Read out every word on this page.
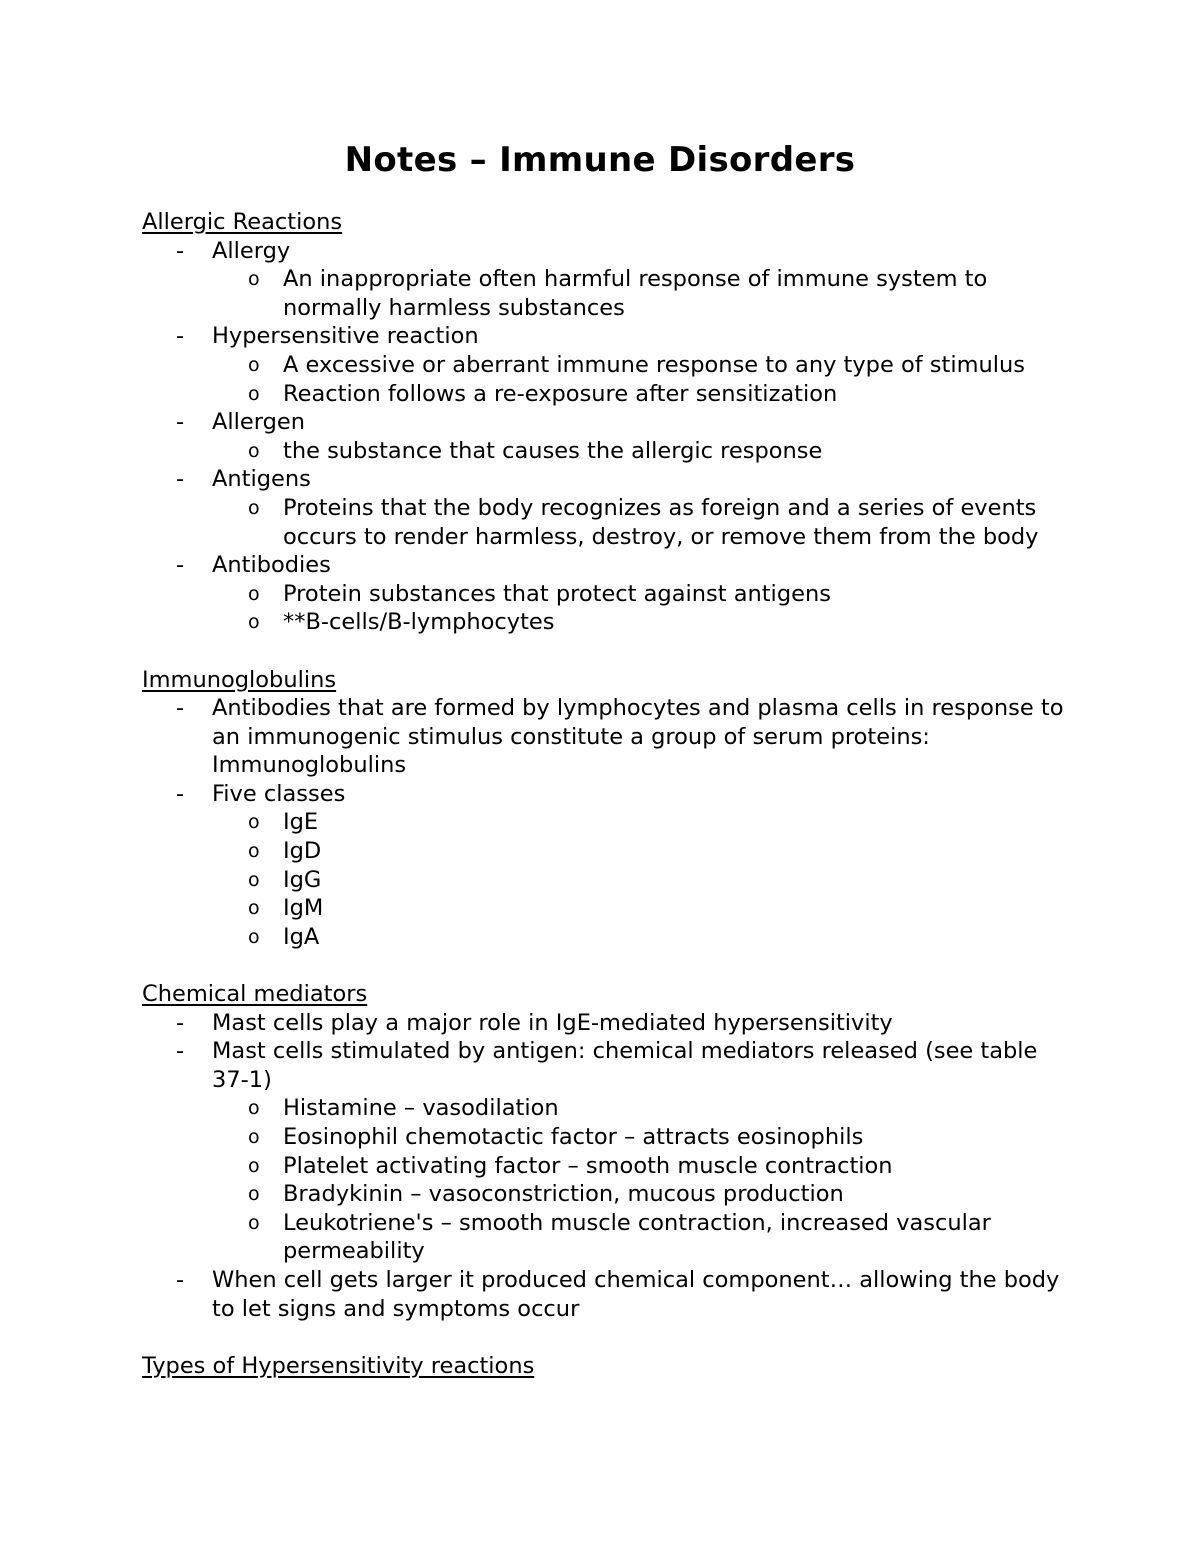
Notes – Immune Disorders
Allergic Reactions
- Allergy
o An inappropriate often harmful response of immune system to normally harmless substances
- Hypersensitive reaction
o A excessive or aberrant immune response to any type of stimulus
o Reaction follows a re-exposure after sensitization
- Allergen
o the substance that causes the allergic response
- Antigens
o Proteins that the body recognizes as foreign and a series of events occurs to render harmless, destroy, or remove them from the body
- Antibodies
o Protein substances that protect against antigens
o **B-cells/B-lymphocytes
Immunoglobulins
- Antibodies that are formed by lymphocytes and plasma cells in response to an immunogenic stimulus constitute a group of serum proteins: Immunoglobulins
- Five classes
o IgE
o IgD
o IgG
o IgM
o IgA
Chemical mediators
- Mast cells play a major role in IgE-mediated hypersensitivity
- Mast cells stimulated by antigen: chemical mediators released (see table 37-1)
o Histamine – vasodilation
o Eosinophil chemotactic factor – attracts eosinophils
o Platelet activating factor – smooth muscle contraction
o Bradykinin – vasoconstriction, mucous production
o Leukotriene's – smooth muscle contraction, increased vascular permeability
- When cell gets larger it produced chemical component… allowing the body to let signs and symptoms occur
Types of Hypersensitivity reactions
